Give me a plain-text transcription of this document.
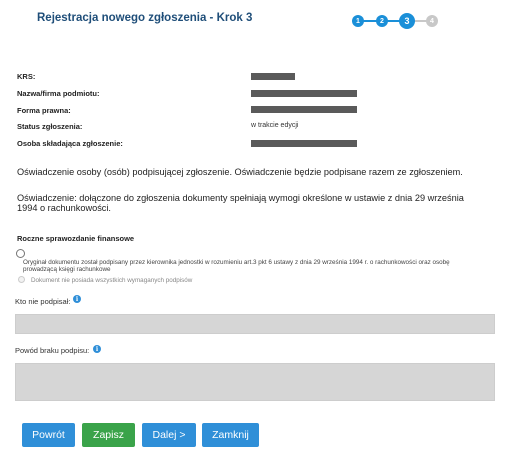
Rejestracja nowego zgłoszenia - Krok 3	1	2	3	4
KRS:
Nazwa/firma podmiotu:
Forma prawna:
Status zgłoszenia:	w trakcie edycji
Osoba składająca zgłoszenie:
Oświadczenie osoby (osób) podpisującej zgłoszenie. Oświadczenie będzie podpisane razem ze zgłoszeniem.
Oświadczenie: dołączone do zgłoszenia dokumenty spełniają wymogi określone w ustawie z dnia 29 września 1994 o rachunkowości.
Roczne sprawozdanie finansowe
Oryginał dokumentu został podpisany przez kierownika jednostki w rozumieniu art.3 pkt 6 ustawy z dnia 29 września 1994 r. o rachunkowości oraz osobę prowadzącą księgi rachunkowe
Dokument nie posiada wszystkich wymaganych podpisów
Kto nie podpisał: i
Powód braku podpisu:	i
Powrót	Zapisz	Dalej >	Zamknij
